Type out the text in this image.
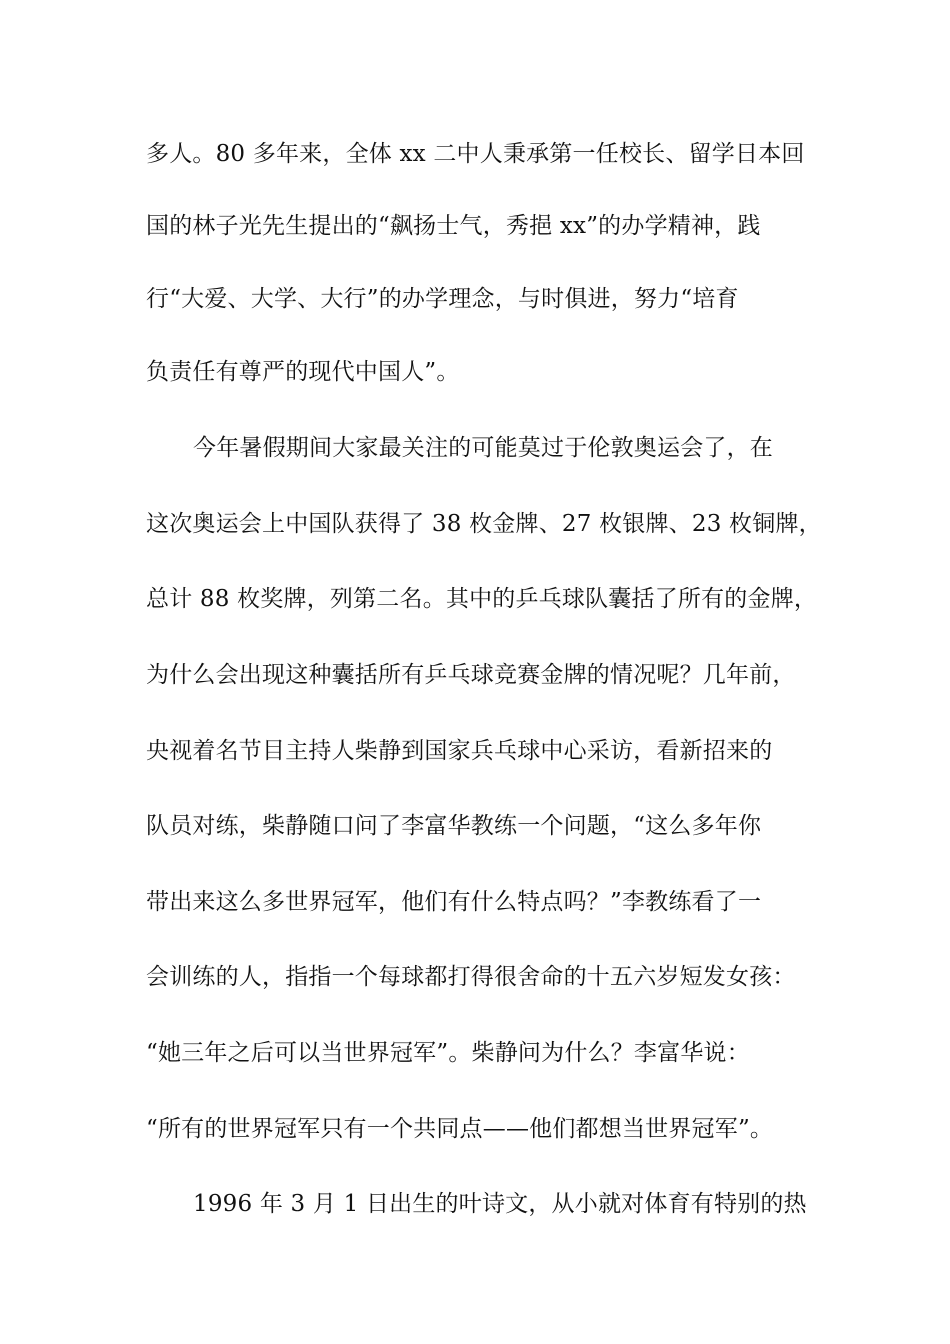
多人。80 多年来，全体 xx 二中人秉承第一任校长、留学日本回
国的林子光先生提出的“飙扬士气，秀挹 xx”的办学精神，践
行“大爱、大学、大行”的办学理念，与时俱进，努力“培育
负责任有尊严的现代中国人”。
今年暑假期间大家最关注的可能莫过于伦敦奥运会了，在
这次奥运会上中国队获得了 38 枚金牌、27 枚银牌、23 枚铜牌，
总计 88 枚奖牌，列第二名。其中的乒乓球队囊括了所有的金牌，
为什么会出现这种囊括所有乒乓球竞赛金牌的情况呢？几年前，
央视着名节目主持人柴静到国家兵乓球中心采访，看新招来的
队员对练，柴静随口问了李富华教练一个问题，“这么多年你
带出来这么多世界冠军，他们有什么特点吗？”李教练看了一
会训练的人，指指一个每球都打得很舍命的十五六岁短发女孩：
“她三年之后可以当世界冠军”。柴静问为什么？李富华说：
“所有的世界冠军只有一个共同点——他们都想当世界冠军”。
1996 年 3 月 1 日出生的叶诗文，从小就对体育有特别的热
